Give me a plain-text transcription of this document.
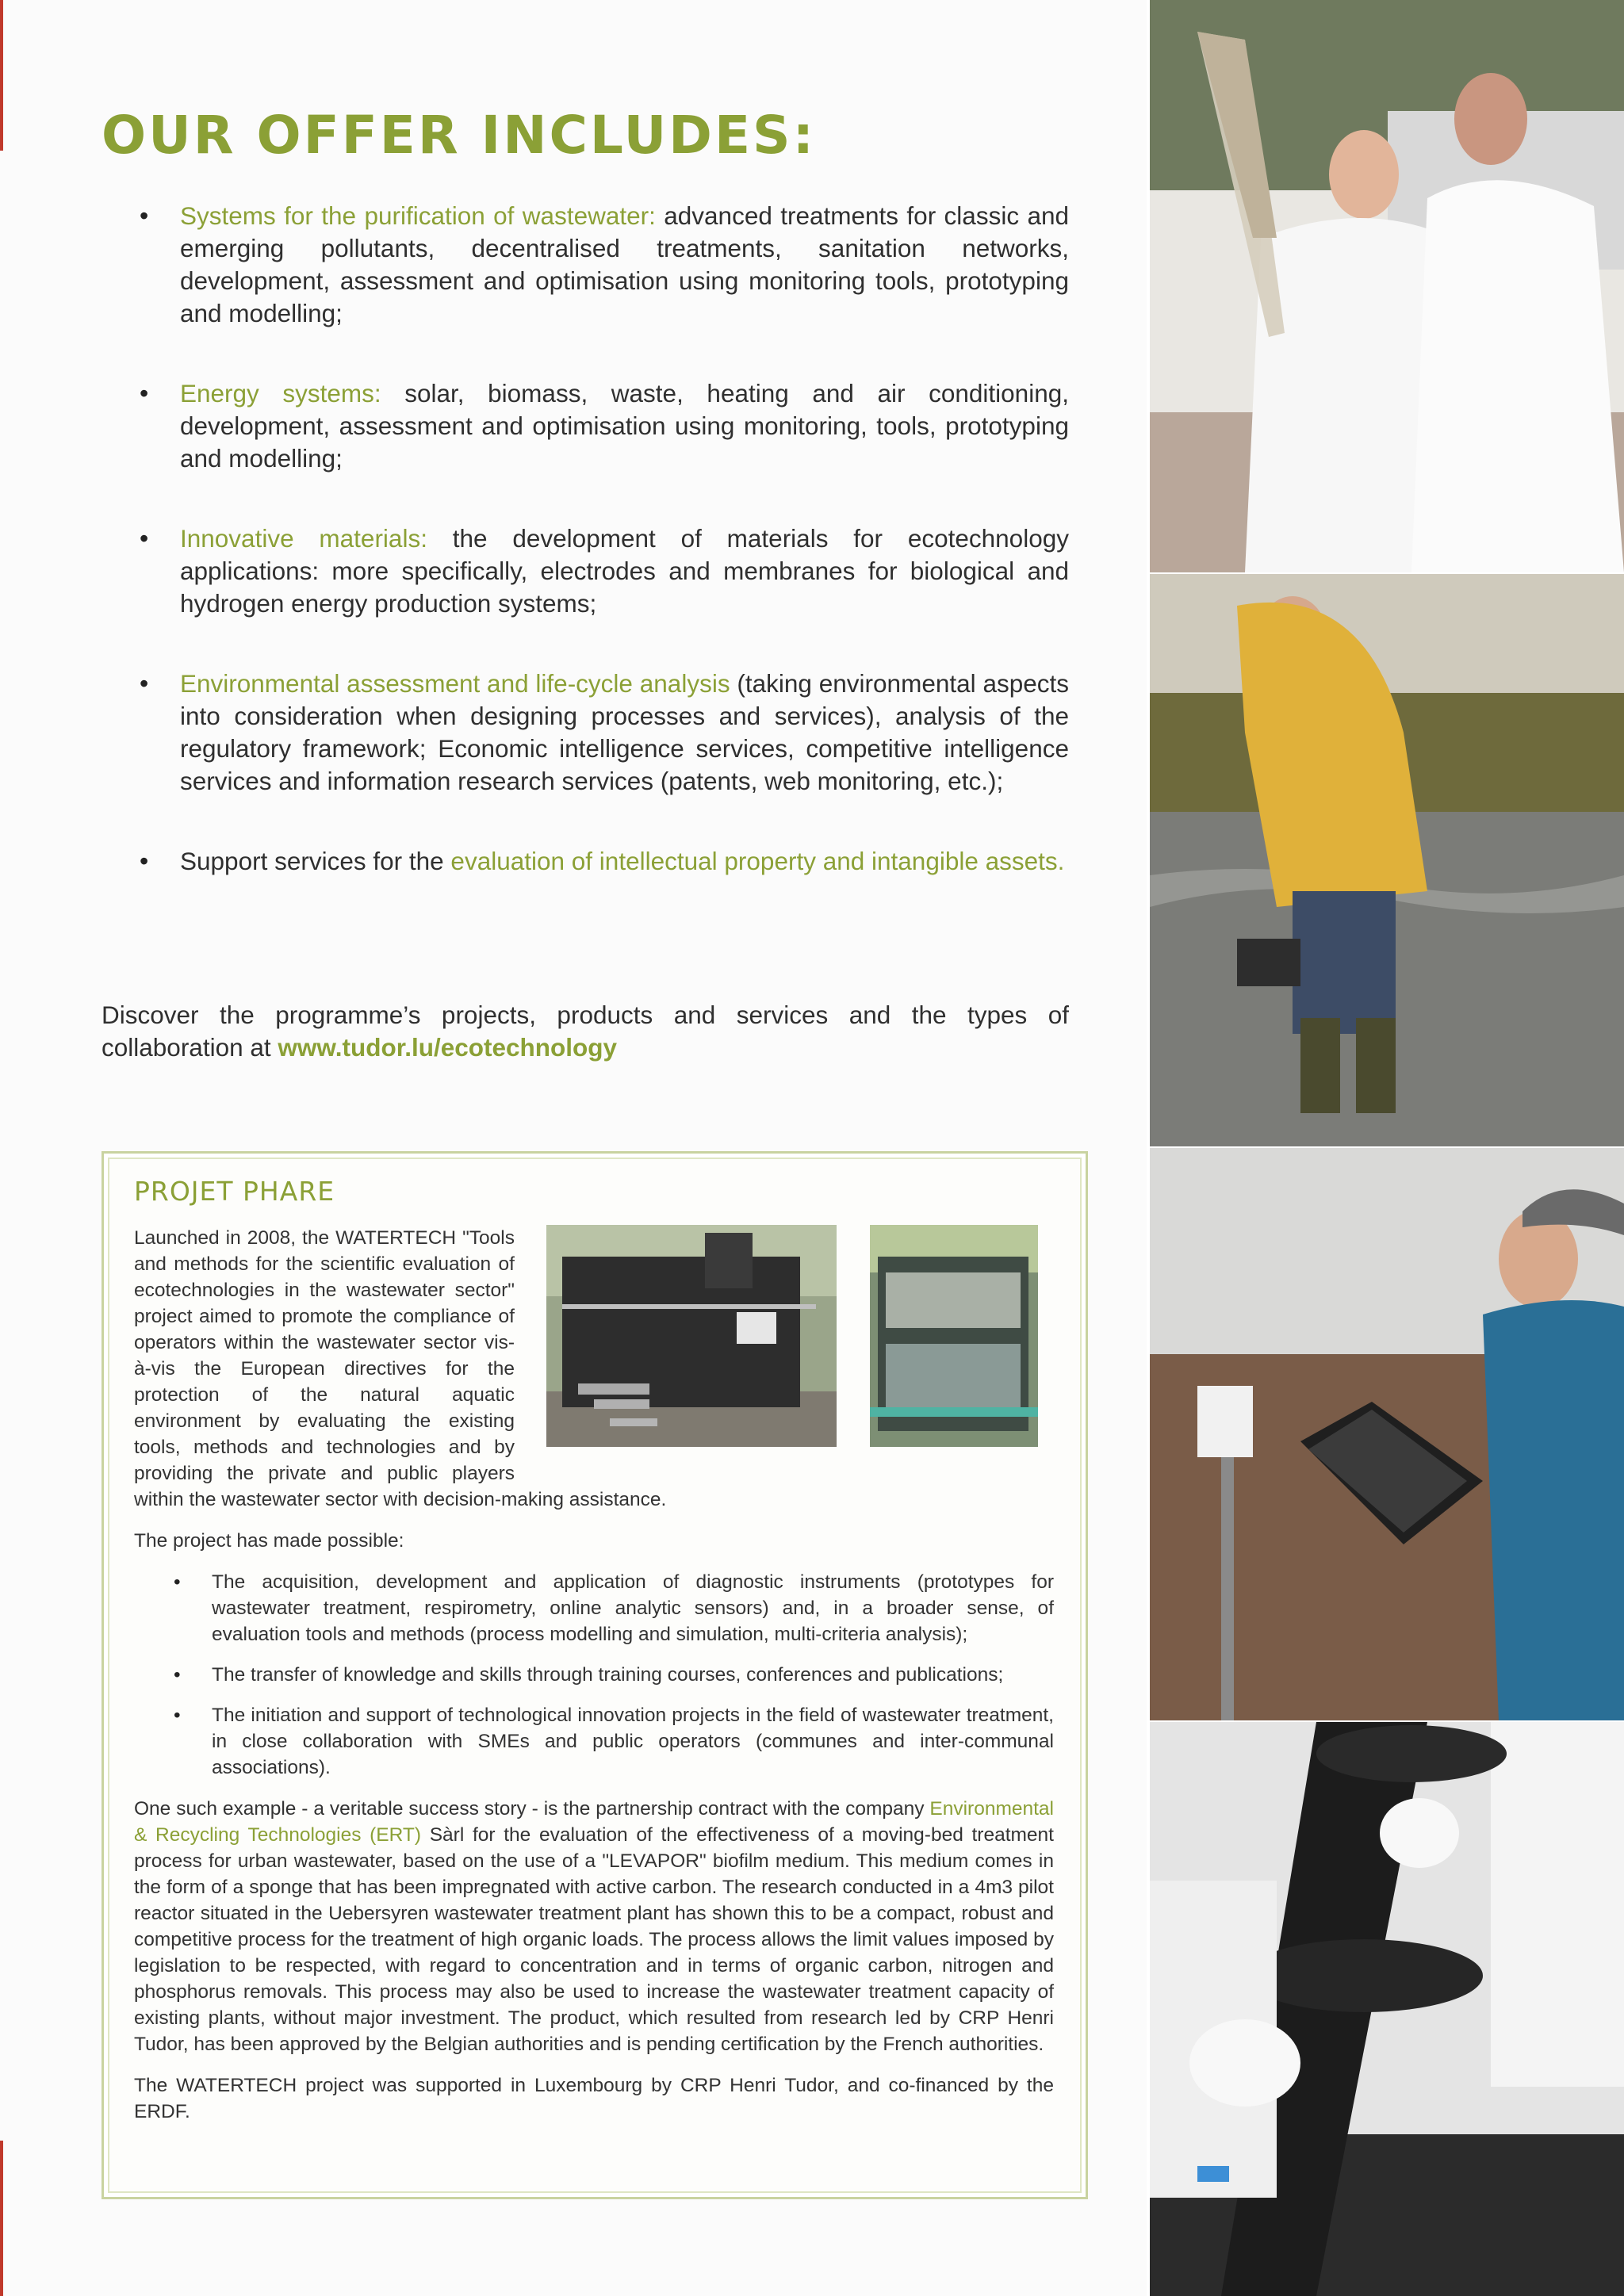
OUR OFFER INCLUDES:
• Systems for the purification of wastewater: advanced treatments for classic and emerging pollutants, decentralised treatments, sanitation networks, development, assessment and optimisation using monitoring tools, prototyping and modelling;
• Energy systems: solar, biomass, waste, heating and air conditioning, development, assessment and optimisation using monitoring, tools, prototyping and modelling;
• Innovative materials: the development of materials for ecotechnology applications: more specifically, electrodes and membranes for biological and hydrogen energy production systems;
• Environmental assessment and life-cycle analysis (taking environmental aspects into consideration when designing processes and services), analysis of the regulatory framework; Economic intelligence services, competitive intelligence services and information research services (patents, web monitoring, etc.);
• Support services for the evaluation of intellectual property and intangible assets.
Discover the programme’s projects, products and services and the types of collaboration at www.tudor.lu/ecotechnology
PROJET PHARE

Launched in 2008, the WATERTECH "Tools and methods for the scientific evaluation of ecotechnologies in the wastewater sector" project aimed to promote the compliance of operators within the wastewater sector vis-à-vis the European directives for the protection of the natural aquatic environment by evaluating the existing tools, methods and technologies and by providing the private and public players within the wastewater sector with decision-making assistance.

The project has made possible:

• The acquisition, development and application of diagnostic instruments (prototypes for wastewater treatment, respirometry, online analytic sensors) and, in a broader sense, of evaluation tools and methods (process modelling and simulation, multi-criteria analysis);
• The transfer of knowledge and skills through training courses, conferences and publications;
• The initiation and support of technological innovation projects in the field of wastewater treatment, in close collaboration with SMEs and public operators (communes and inter-communal associations).

One such example - a veritable success story - is the partnership contract with the company Environmental & Recycling Technologies (ERT) Sàrl for the evaluation of the effectiveness of a moving-bed treatment process for urban wastewater, based on the use of a "LEVAPOR" biofilm medium. This medium comes in the form of a sponge that has been impregnated with active carbon. The research conducted in a 4m3 pilot reactor situated in the Uebersyren wastewater treatment plant has shown this to be a compact, robust and competitive process for the treatment of high organic loads. The process allows the limit values imposed by legislation to be respected, with regard to concentration and in terms of organic carbon, nitrogen and phosphorus removals. This process may also be used to increase the wastewater treatment capacity of existing plants, without major investment. The product, which resulted from research led by CRP Henri Tudor, has been approved by the Belgian authorities and is pending certification by the French authorities.

The WATERTECH project was supported in Luxembourg by CRP Henri Tudor, and co-financed by the ERDF.
